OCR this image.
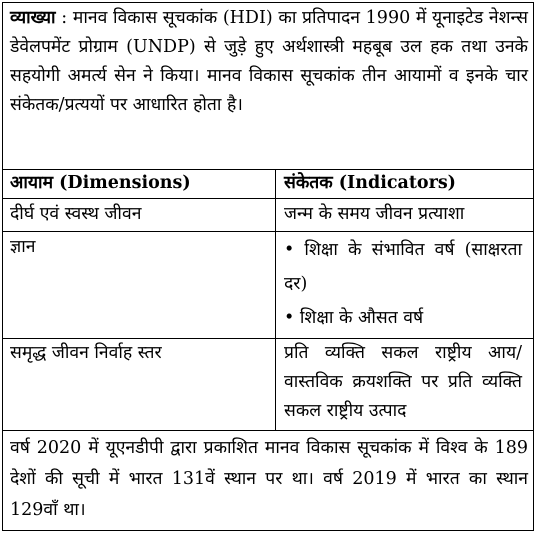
व्याख्या : मानव विकास सूचकांक (HDI) का प्रतिपादन 1990 में यूनाइटेड नेशन्स डेवेलपमेंट प्रोग्राम (UNDP) से जुड़े हुए अर्थशास्त्री महबूब उल हक तथा उनके सहयोगी अमर्त्य सेन ने किया। मानव विकास सूचकांक तीन आयामों व इनके चार संकेतक/प्रत्ययों पर आधारित होता है।
आयाम (Dimensions)	संकेतक (Indicators)
दीर्घ एवं स्वस्थ जीवन	जन्म के समय जीवन प्रत्याशा
ज्ञान	• शिक्षा के संभावित वर्ष (साक्षरता दर)
• शिक्षा के औसत वर्ष
समृद्ध जीवन निर्वाह स्तर	प्रति व्यक्ति सकल राष्ट्रीय आय/वास्तविक क्रयशक्ति पर प्रति व्यक्ति सकल राष्ट्रीय उत्पाद
वर्ष 2020 में यूएनडीपी द्वारा प्रकाशित मानव विकास सूचकांक में विश्व के 189 देशों की सूची में भारत 131वें स्थान पर था। वर्ष 2019 में भारत का स्थान 129वाँ था।
